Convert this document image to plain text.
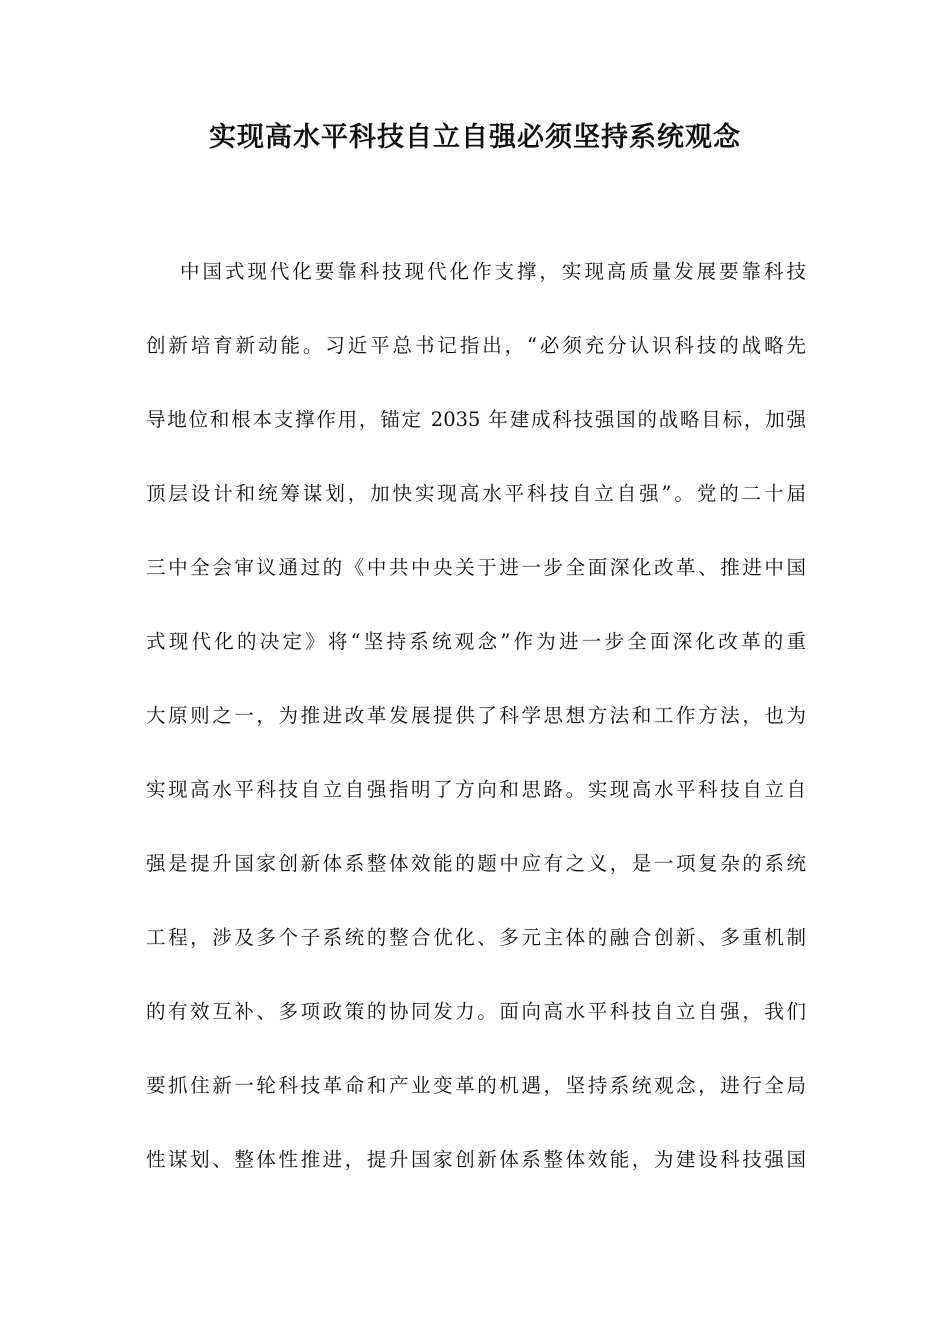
实现高水平科技自立自强必须坚持系统观念
中国式现代化要靠科技现代化作支撑，实现高质量发展要靠科技
创新培育新动能。习近平总书记指出，“必须充分认识科技的战略先
导地位和根本支撑作用，锚定 2035 年建成科技强国的战略目标，加强
顶层设计和统筹谋划，加快实现高水平科技自立自强”。党的二十届
三中全会审议通过的《中共中央关于进一步全面深化改革、推进中国
式现代化的决定》将“坚持系统观念”作为进一步全面深化改革的重
大原则之一，为推进改革发展提供了科学思想方法和工作方法，也为
实现高水平科技自立自强指明了方向和思路。实现高水平科技自立自
强是提升国家创新体系整体效能的题中应有之义，是一项复杂的系统
工程，涉及多个子系统的整合优化、多元主体的融合创新、多重机制
的有效互补、多项政策的协同发力。面向高水平科技自立自强，我们
要抓住新一轮科技革命和产业变革的机遇，坚持系统观念，进行全局
性谋划、整体性推进，提升国家创新体系整体效能，为建设科技强国
